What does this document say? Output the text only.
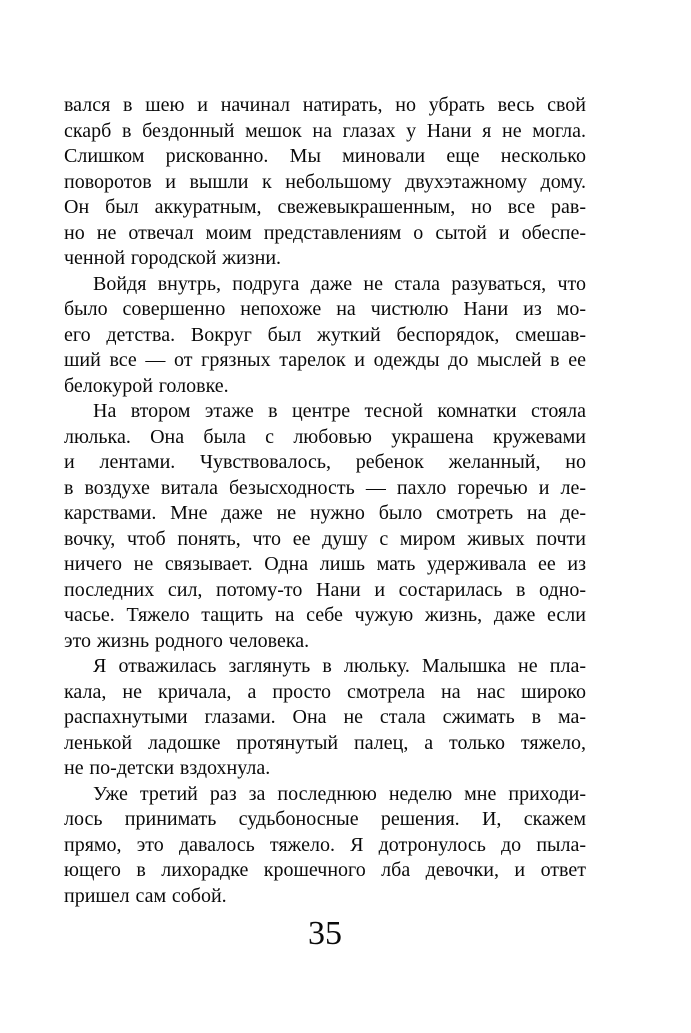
вался в шею и начинал натирать, но убрать весь свой
скарб в бездонный мешок на глазах у Нани я не могла.
Слишком рискованно. Мы миновали еще несколько
поворотов и вышли к небольшому двухэтажному дому.
Он был аккуратным, свежевыкрашенным, но все рав-
но не отвечал моим представлениям о сытой и обеспе-
ченной городской жизни.
Войдя внутрь, подруга даже не стала разуваться, что
было совершенно непохоже на чистюлю Нани из мо-
его детства. Вокруг был жуткий беспорядок, смешав-
ший все — от грязных тарелок и одежды до мыслей в ее
белокурой головке.
На втором этаже в центре тесной комнатки стояла
люлька. Она была с любовью украшена кружевами
и лентами. Чувствовалось, ребенок желанный, но
в воздухе витала безысходность — пахло горечью и ле-
карствами. Мне даже не нужно было смотреть на де-
вочку, чтоб понять, что ее душу с миром живых почти
ничего не связывает. Одна лишь мать удерживала ее из
последних сил, потому-то Нани и состарилась в одно-
часье. Тяжело тащить на себе чужую жизнь, даже если
это жизнь родного человека.
Я отважилась заглянуть в люльку. Малышка не пла-
кала, не кричала, а просто смотрела на нас широко
распахнутыми глазами. Она не стала сжимать в ма-
ленькой ладошке протянутый палец, а только тяжело,
не по-детски вздохнула.
Уже третий раз за последнюю неделю мне приходи-
лось принимать судьбоносные решения. И, скажем
прямо, это давалось тяжело. Я дотронулось до пыла-
ющего в лихорадке крошечного лба девочки, и ответ
пришел сам собой.
35
